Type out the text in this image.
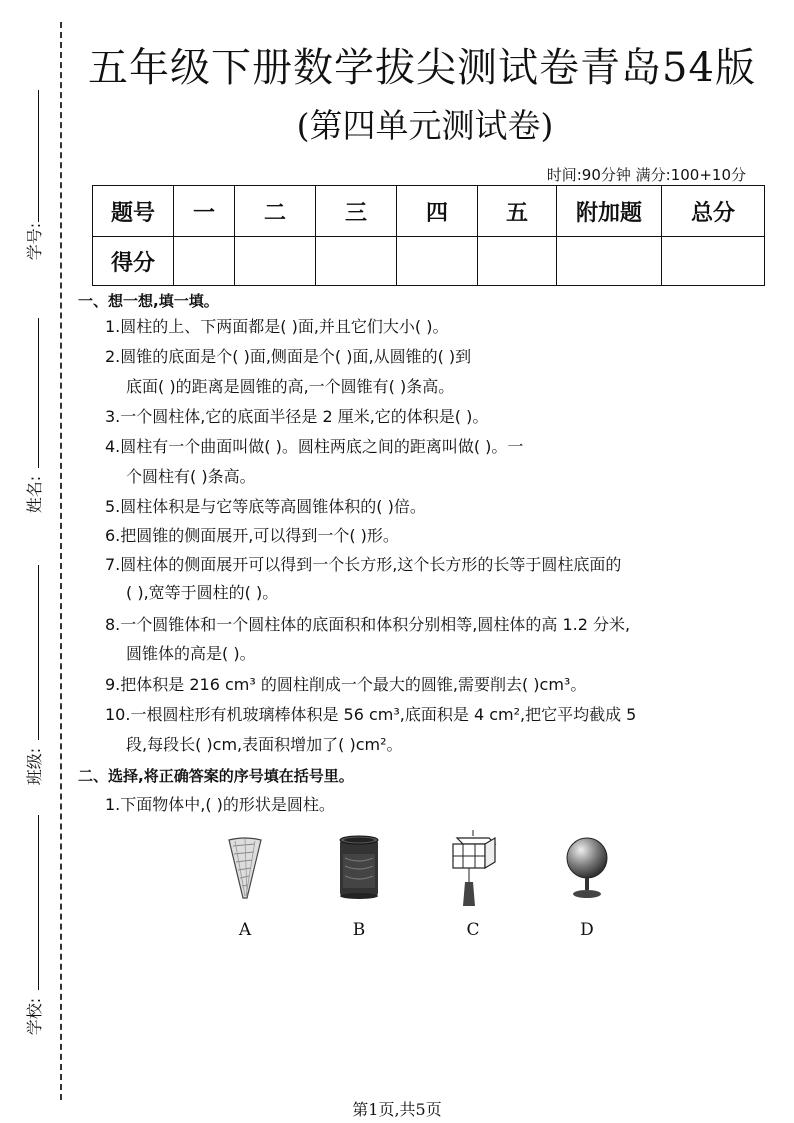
学号:
姓名:
班级:
学校:
五年级下册数学拔尖测试卷青岛54版
(第四单元测试卷)
时间:90分钟 满分:100+10分
题号	一	二	三	四	五	附加题	总分
得分							
一、想一想,填一填。
1.圆柱的上、下两面都是( )面,并且它们大小( )。
2.圆锥的底面是个( )面,侧面是个( )面,从圆锥的( )到
底面( )的距离是圆锥的高,一个圆锥有( )条高。
3.一个圆柱体,它的底面半径是 2 厘米,它的体积是( )。
4.圆柱有一个曲面叫做( )。圆柱两底之间的距离叫做( )。一
个圆柱有( )条高。
5.圆柱体积是与它等底等高圆锥体积的( )倍。
6.把圆锥的侧面展开,可以得到一个( )形。
7.圆柱体的侧面展开可以得到一个长方形,这个长方形的长等于圆柱底面的
( ),宽等于圆柱的( )。
8.一个圆锥体和一个圆柱体的底面积和体积分别相等,圆柱体的高 1.2 分米,
圆锥体的高是( )。
9.把体积是 216 cm³ 的圆柱削成一个最大的圆锥,需要削去( )cm³。
10.一根圆柱形有机玻璃棒体积是 56 cm³,底面积是 4 cm²,把它平均截成 5
段,每段长( )cm,表面积增加了( )cm²。
二、选择,将正确答案的序号填在括号里。
1.下面物体中,( )的形状是圆柱。
A	B	C	D
第1页,共5页
